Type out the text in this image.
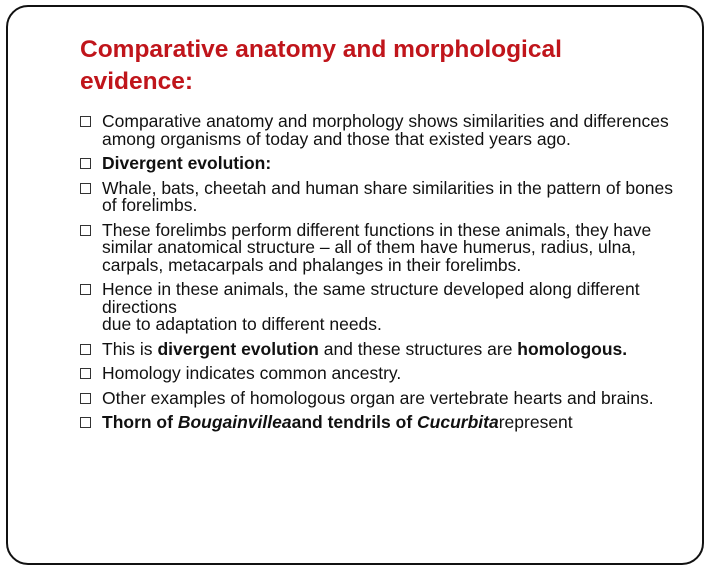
Comparative anatomy and morphological evidence:
Comparative anatomy and morphology shows similarities and differences among organisms of today and those that existed years ago.
Divergent evolution:
Whale, bats, cheetah and human share similarities in the pattern of bones of forelimbs.
These forelimbs perform different functions in these animals, they have similar anatomical structure – all of them have humerus, radius, ulna, carpals, metacarpals and phalanges in their forelimbs.
Hence in these animals, the same structure developed along different directions
due to adaptation to different needs.
This is divergent evolution and these structures are homologous.
Homology indicates common ancestry.
Other examples of homologous organ are vertebrate hearts and brains.
Thorn of Bougainvilleaand tendrils of Cucurbitarepresent
